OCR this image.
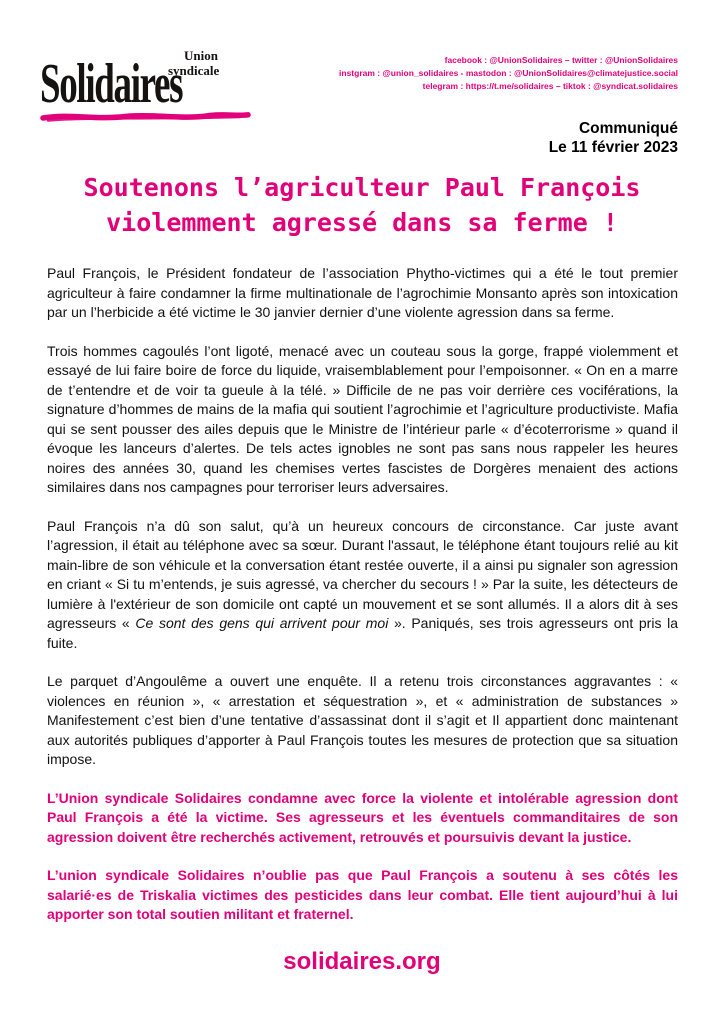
Solidaires Union
syndicale
facebook : @UnionSolidaires – twitter : @UnionSolidaires
instgram : @union_solidaires - mastodon : @UnionSolidaires@climatejustice.social
telegram : https://t.me/solidaires – tiktok : @syndicat.solidaires
Communiqué
Le 11 février 2023
Soutenons l’agriculteur Paul François
violemment agressé dans sa ferme !

Paul François, le Président fondateur de l’association Phytho-victimes qui a été le tout premier agriculteur à faire condamner la firme multinationale de l’agrochimie Monsanto après son intoxication par un l’herbicide a été victime le 30 janvier dernier d’une violente agression dans sa ferme.

Trois hommes cagoulés l’ont ligoté, menacé avec un couteau sous la gorge, frappé violemment et essayé de lui faire boire de force du liquide, vraisemblablement pour l’empoisonner. « On en a marre de t’entendre et de voir ta gueule à la télé. » Difficile de ne pas voir derrière ces vociférations, la signature d’hommes de mains de la mafia qui soutient l’agrochimie et l’agriculture productiviste. Mafia qui se sent pousser des ailes depuis que le Ministre de l’intérieur parle « d’écoterrorisme » quand il évoque les lanceurs d’alertes. De tels actes ignobles ne sont pas sans nous rappeler les heures noires des années 30, quand les chemises vertes fascistes de Dorgères menaient des actions similaires dans nos campagnes pour terroriser leurs adversaires.

Paul François n’a dû son salut, qu’à un heureux concours de circonstance. Car juste avant l’agression, il était au téléphone avec sa sœur. Durant l'assaut, le téléphone étant toujours relié au kit main-libre de son véhicule et la conversation étant restée ouverte, il a ainsi pu signaler son agression en criant « Si tu m’entends, je suis agressé, va chercher du secours ! » Par la suite, les détecteurs de lumière à l'extérieur de son domicile ont capté un mouvement et se sont allumés. Il a alors dit à ses agresseurs « Ce sont des gens qui arrivent pour moi ». Paniqués, ses trois agresseurs ont pris la fuite.

Le parquet d’Angoulême a ouvert une enquête. Il a retenu trois circonstances aggravantes : « violences en réunion », « arrestation et séquestration », et « administration de substances » Manifestement c’est bien d’une tentative d’assassinat dont il s’agit et Il appartient donc maintenant aux autorités publiques d’apporter à Paul François toutes les mesures de protection que sa situation impose.

L’Union syndicale Solidaires condamne avec force la violente et intolérable agression dont Paul François a été la victime. Ses agresseurs et les éventuels commanditaires de son agression doivent être recherchés activement, retrouvés et poursuivis devant la justice.

L’union syndicale Solidaires n’oublie pas que Paul François a soutenu à ses côtés les salarié·es de Triskalia victimes des pesticides dans leur combat. Elle tient aujourd’hui à lui apporter son total soutien militant et fraternel.

solidaires.org
